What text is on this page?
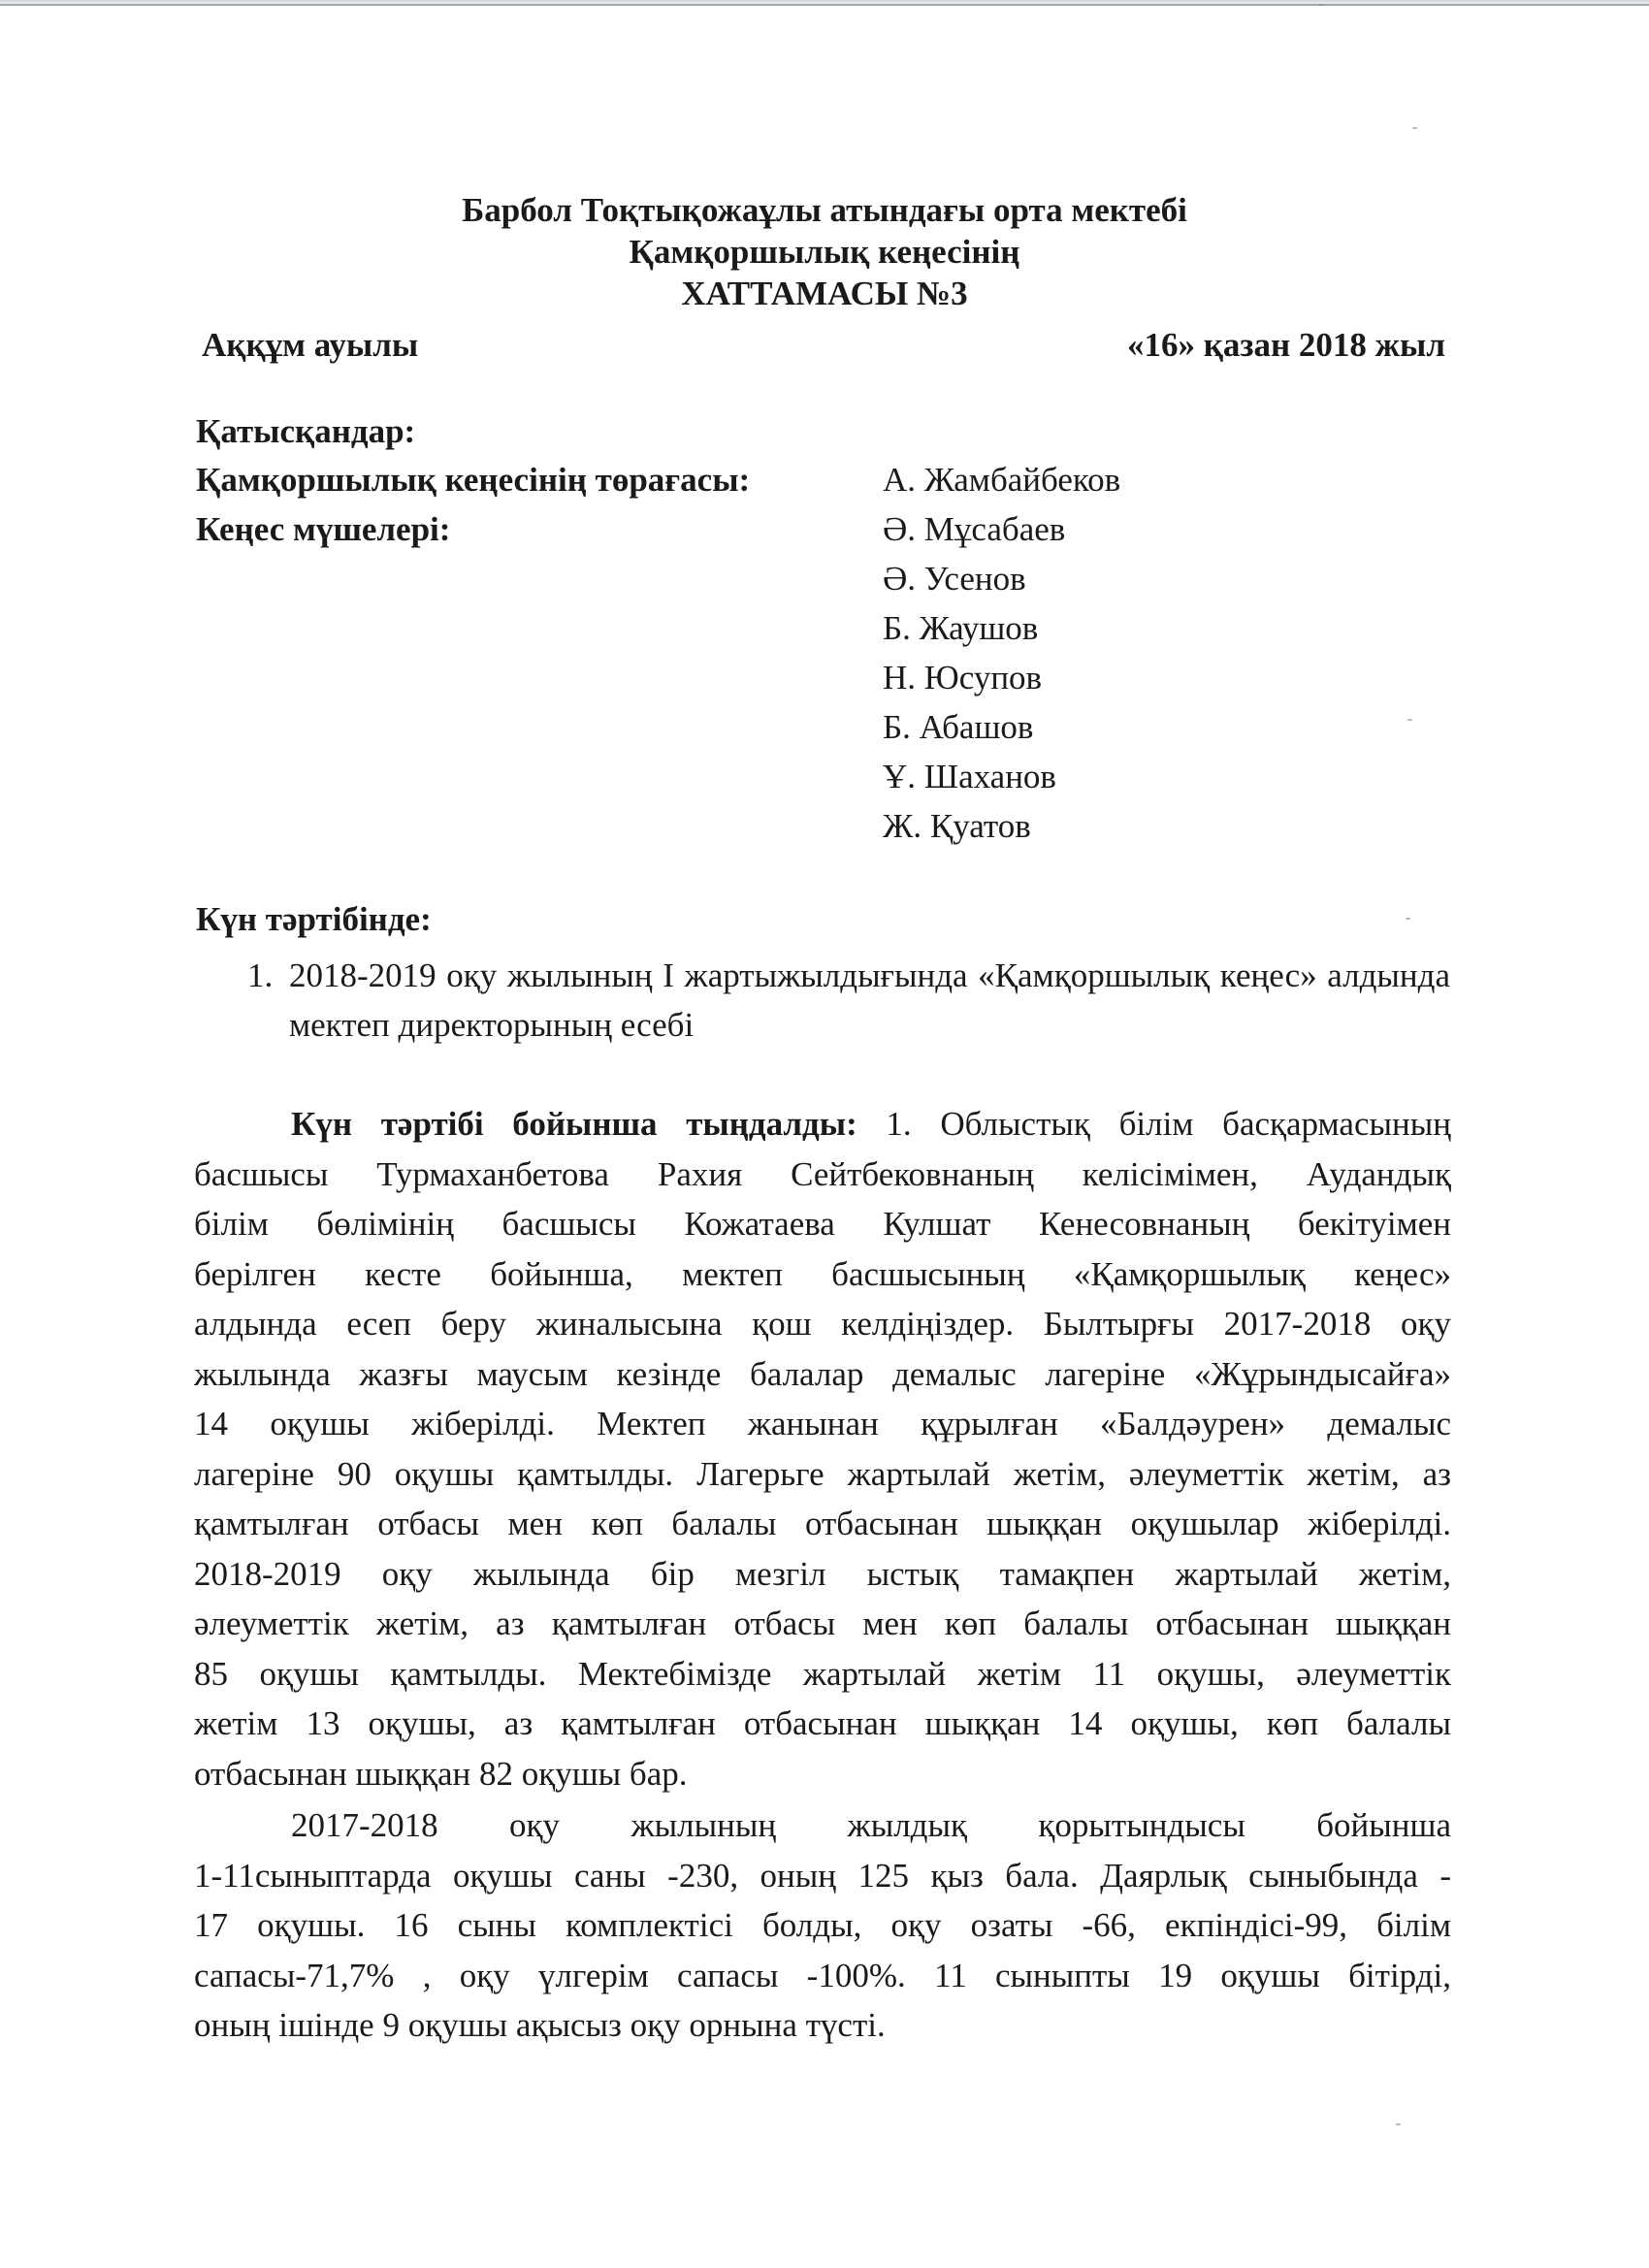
Барбол Тоқтықожаұлы атындағы орта мектебі
Қамқоршылық кеңесінің
ХАТТАМАСЫ №3
Аққұм ауылы	«16» қазан 2018 жыл
Қатысқандар:
Қамқоршылық кеңесінің төрағасы:	А. Жамбайбеков
Кеңес мүшелері:	Ә. Мұсабаев
Ә. Усенов
Б. Жаушов
Н. Юсупов
Б. Абашов
Ұ. Шаханов
Ж. Қуатов
Күн тәртібінде:
1. 2018-2019 оқу жылының І жартыжылдығында «Қамқоршылық кеңес» алдында мектеп директорының есебі
Күн тәртібі бойынша тыңдалды: 1. Облыстық білім басқармасының
басшысы Турмаханбетова Рахия Сейтбековнаның келісімімен, Аудандық
білім бөлімінің басшысы Кожатаева Кулшат Кенесовнаның бекітуімен
берілген кесте бойынша, мектеп басшысының «Қамқоршылық кеңес»
алдында есеп беру жиналысына қош келдіңіздер. Былтырғы 2017-2018 оқу
жылында жазғы маусым кезінде балалар демалыс лагеріне «Жұрындысайға»
14 оқушы жіберілді. Мектеп жанынан құрылған «Балдәурен» демалыс
лагеріне 90 оқушы қамтылды. Лагерьге жартылай жетім, әлеуметтік жетім, аз
қамтылған отбасы мен көп балалы отбасынан шыққан оқушылар жіберілді.
2018-2019 оқу жылында бір мезгіл ыстық тамақпен жартылай жетім,
әлеуметтік жетім, аз қамтылған отбасы мен көп балалы отбасынан шыққан
85 оқушы қамтылды. Мектебімізде жартылай жетім 11 оқушы, әлеуметтік
жетім 13 оқушы, аз қамтылған отбасынан шыққан 14 оқушы, көп балалы
отбасынан шыққан 82 оқушы бар.
2017-2018 оқу жылының жылдық қорытындысы бойынша
1-11сыныптарда оқушы саны -230, оның 125 қыз бала. Даярлық сыныбында -
17 оқушы. 16 сыны комплектісі болды, оқу озаты -66, екпіндісі-99, білім
сапасы-71,7% , оқу үлгерім сапасы -100%. 11 сыныпты 19 оқушы бітірді,
оның ішінде 9 оқушы ақысыз оқу орнына түсті.
